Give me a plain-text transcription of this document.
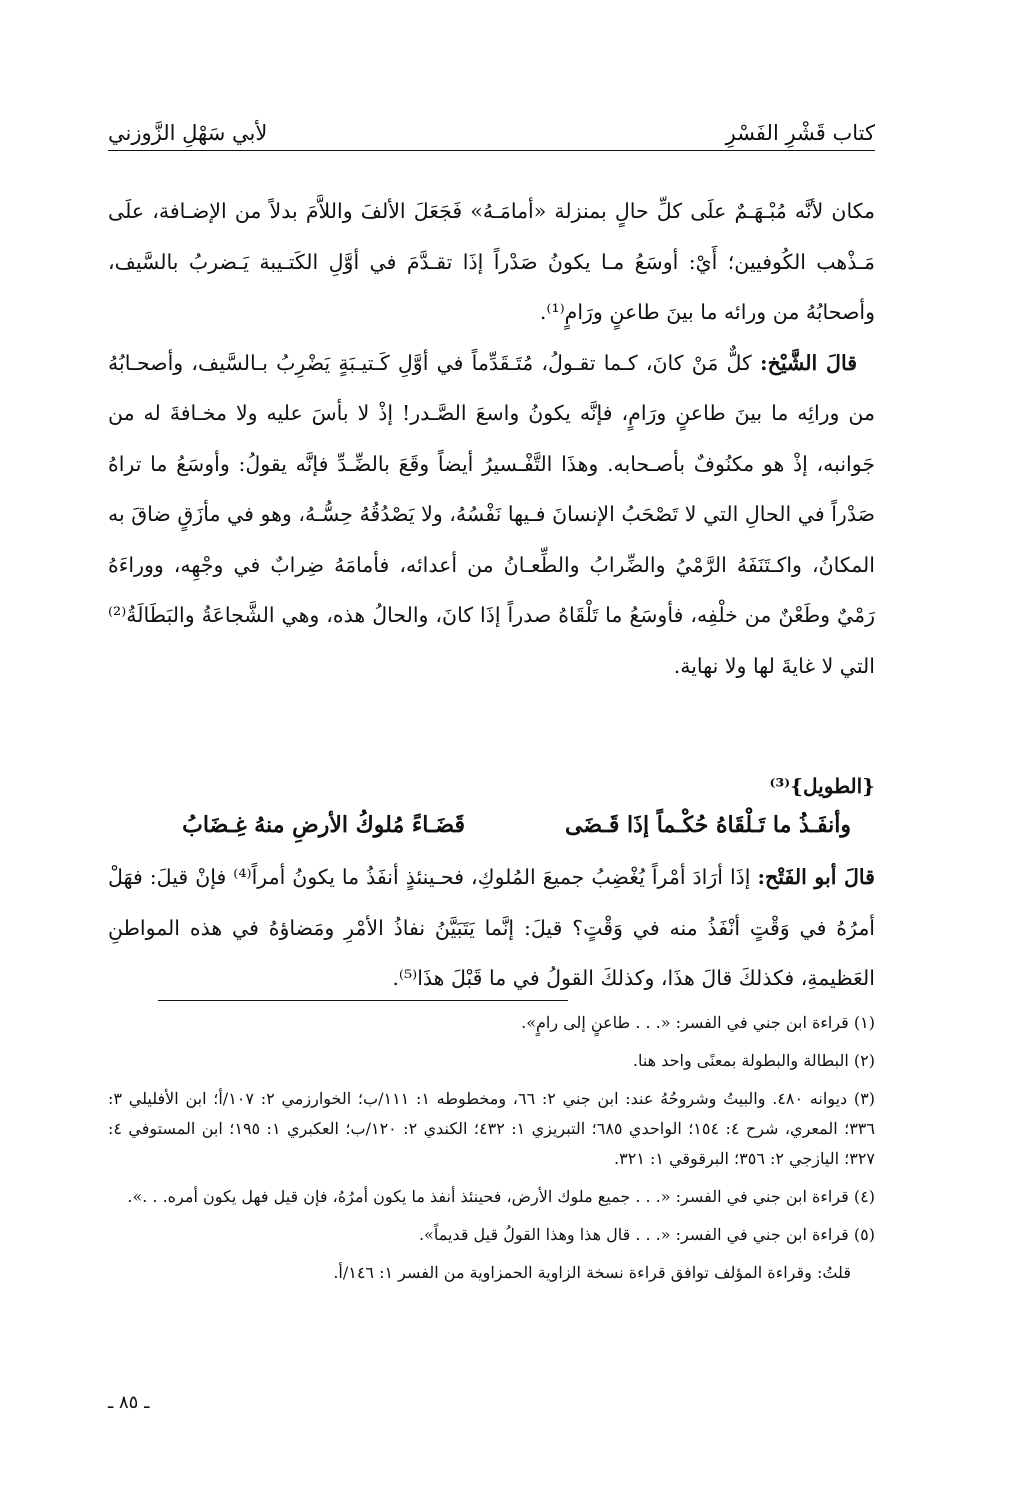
كتاب قَشْرِ الفَسْرِ
لأبي سَهْلِ الزَّوزني

مكان لأنَّه مُبْـهَـمٌ علَى كلِّ حالٍ بمنزلة «أمامَـهُ» فَجَعَلَ الألفَ واللاَّمَ بدلاً من الإضـافة، علَى مَـذْهب الكُوفيين؛ أَيْ: أوسَعُ مـا يكونُ صَدْراً إذَا تقـدَّمَ في أوَّلِ الكَتـيبة يَـضربُ بالسَّيف، وأصحابُهُ من ورائه ما بينَ طاعنٍ ورَامٍ⁽¹⁾.

قالَ الشَّيْخ: كلٌّ مَنْ كانَ، كـما تقـولُ، مُتَـقَدِّماً في أوَّلِ كَـتيـبَةٍ يَضْرِبُ بـالسَّيف، وأصحـابُهُ من ورائِه ما بينَ طاعنٍ ورَامٍ، فإنَّه يكونُ واسعَ الصَّـدر! إذْ لا بأسَ عليه ولا مخـافةَ له من جَوانبه، إذْ هو مكنُوفٌ بأصـحابه. وهذَا التَّفْـسيرُ أيضاً وقَعَ بالضِّـدِّ فإنَّه يقولُ: وأوسَعُ ما تراهُ صَدْراً في الحالِ التي لا تَصْحَبُ الإنسانَ فـيها نَفْسُهُ، ولا يَصْدُقُهُ حِسُّـهُ، وهو في مأزَقٍ ضاقَ به المكانُ، واكـتَنَفَهُ الرَّمْيُ والضِّرابُ والطِّعـانُ من أعدائه، فأمامَهُ ضِرابٌ في وجْهِه، ووراءَهُ رَمْيٌ وطَعْنٌ من خلْفِه، فأوسَعُ ما تَلْقَاهُ صدراً إذَا كانَ، والحالُ هذه، وهي الشَّجاعَةُ والبَطَالَةُ⁽²⁾ التي لا غايةَ لها ولا نهاية.

{الطويل}⁽³⁾
وأنفَـذُ ما تَـلْقَاهُ حُكْـماً إذَا قَـضَى
قَضَـاءً مُلوكُ الأرضِ منهُ غِـضَابُ

قالَ أبو الفَتْح: إذَا أرَادَ أمْراً يُغْضِبُ جميعَ المُلوكِ، فحـينئذٍ أنفَذُ ما يكونُ أمراً⁽⁴⁾ فإنْ قيلَ: فهَلْ أمرُهُ في وَقْتٍ أنْفَذُ منه في وَقْتٍ؟ قيلَ: إنَّما يَتَبَيَّنُ نفاذُ الأمْرِ ومَضاؤهُ في هذه المواطنِ العَظيمةِ، فكذلكَ قالَ هذَا، وكذلكَ القولُ في ما قَبْلَ هذَا⁽⁵⁾.

(١) قراءة ابن جني في الفسر: «. . . طاعنٍ إلى رامٍ».

(٢) البطالة والبطولة بمعنًى واحد هنا.

(٣) ديوانه ٤٨٠. والبيتُ وشروحُهُ عند: ابن جني ٢: ٦٦، ومخطوطه ١: ١١١/ب؛ الخوارزمي ٢: ١٠٧/أ؛ ابن الأفليلي ٣: ٣٣٦؛ المعري، شرح ٤: ١٥٤؛ الواحدي ٦٨٥؛ التبريزي ١: ٤٣٢؛ الكندي ٢: ١٢٠/ب؛ العكبري ١: ١٩٥؛ ابن المستوفي ٤: ٣٢٧؛ اليازجي ٢: ٣٥٦؛ البرقوقي ١: ٣٢١.

(٤) قراءة ابن جني في الفسر: «. . . جميع ملوك الأرض، فحينئذ أنفذ ما يكون أمرُهُ، فإن قيل فهل يكون أمره. . .».

(٥) قراءة ابن جني في الفسر: «. . . قال هذا وهذا القولُ قيل قديماً».

قلتُ: وقراءة المؤلف توافق قراءة نسخة الزاوية الحمزاوية من الفسر ١: ١٤٦/أ.

ـ ٨٥ ـ
